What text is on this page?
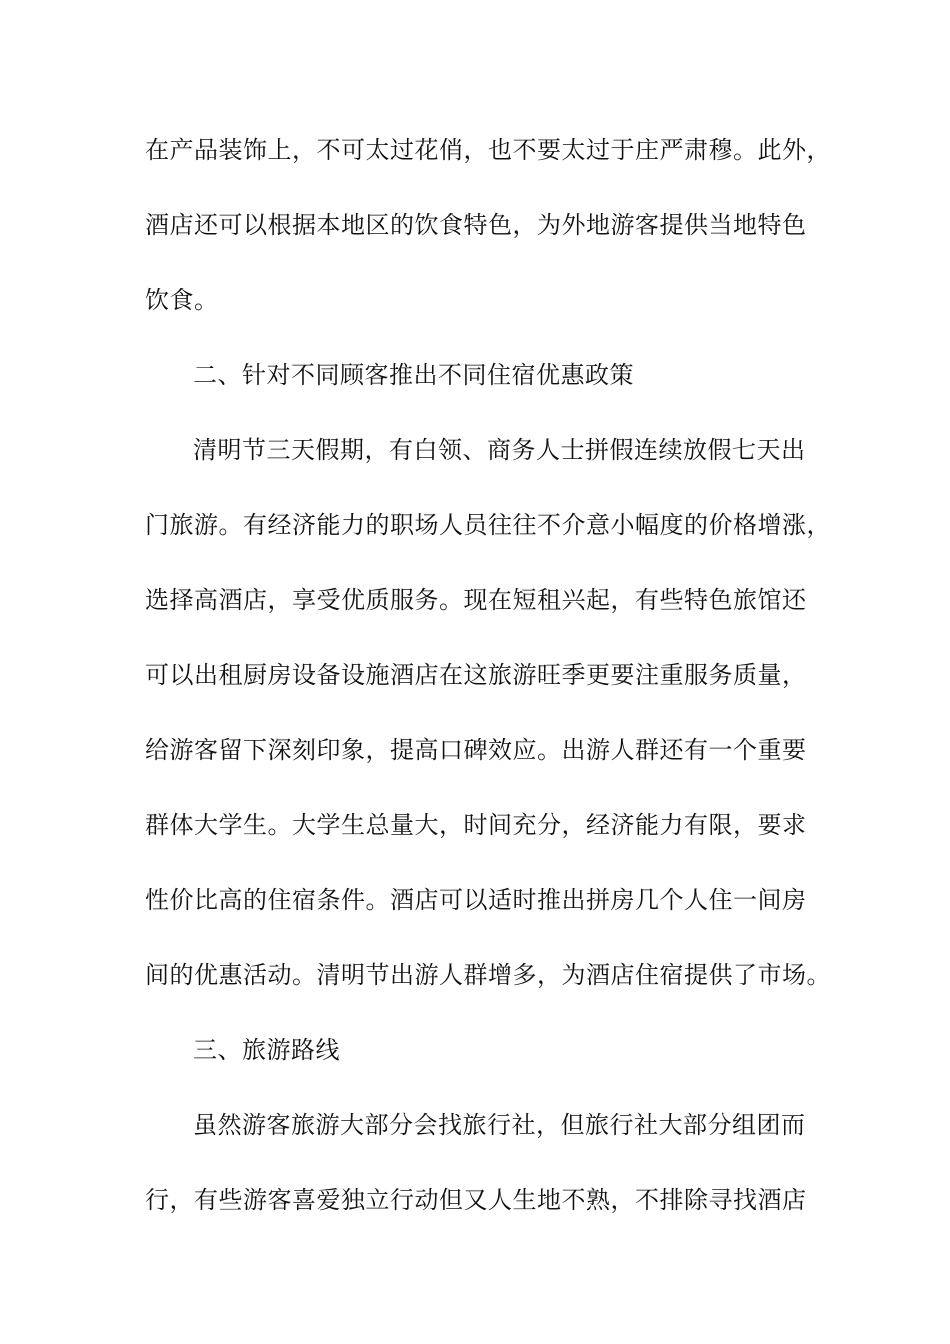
在产品装饰上，不可太过花俏，也不要太过于庄严肃穆。此外，
酒店还可以根据本地区的饮食特色，为外地游客提供当地特色
饮食。
二、针对不同顾客推出不同住宿优惠政策
清明节三天假期，有白领、商务人士拼假连续放假七天出
门旅游。有经济能力的职场人员往往不介意小幅度的价格增涨，
选择高酒店，享受优质服务。现在短租兴起，有些特色旅馆还
可以出租厨房设备设施酒店在这旅游旺季更要注重服务质量，
给游客留下深刻印象，提高口碑效应。出游人群还有一个重要
群体大学生。大学生总量大，时间充分，经济能力有限，要求
性价比高的住宿条件。酒店可以适时推出拼房几个人住一间房
间的优惠活动。清明节出游人群增多，为酒店住宿提供了市场。
三、旅游路线
虽然游客旅游大部分会找旅行社，但旅行社大部分组团而
行，有些游客喜爱独立行动但又人生地不熟，不排除寻找酒店
